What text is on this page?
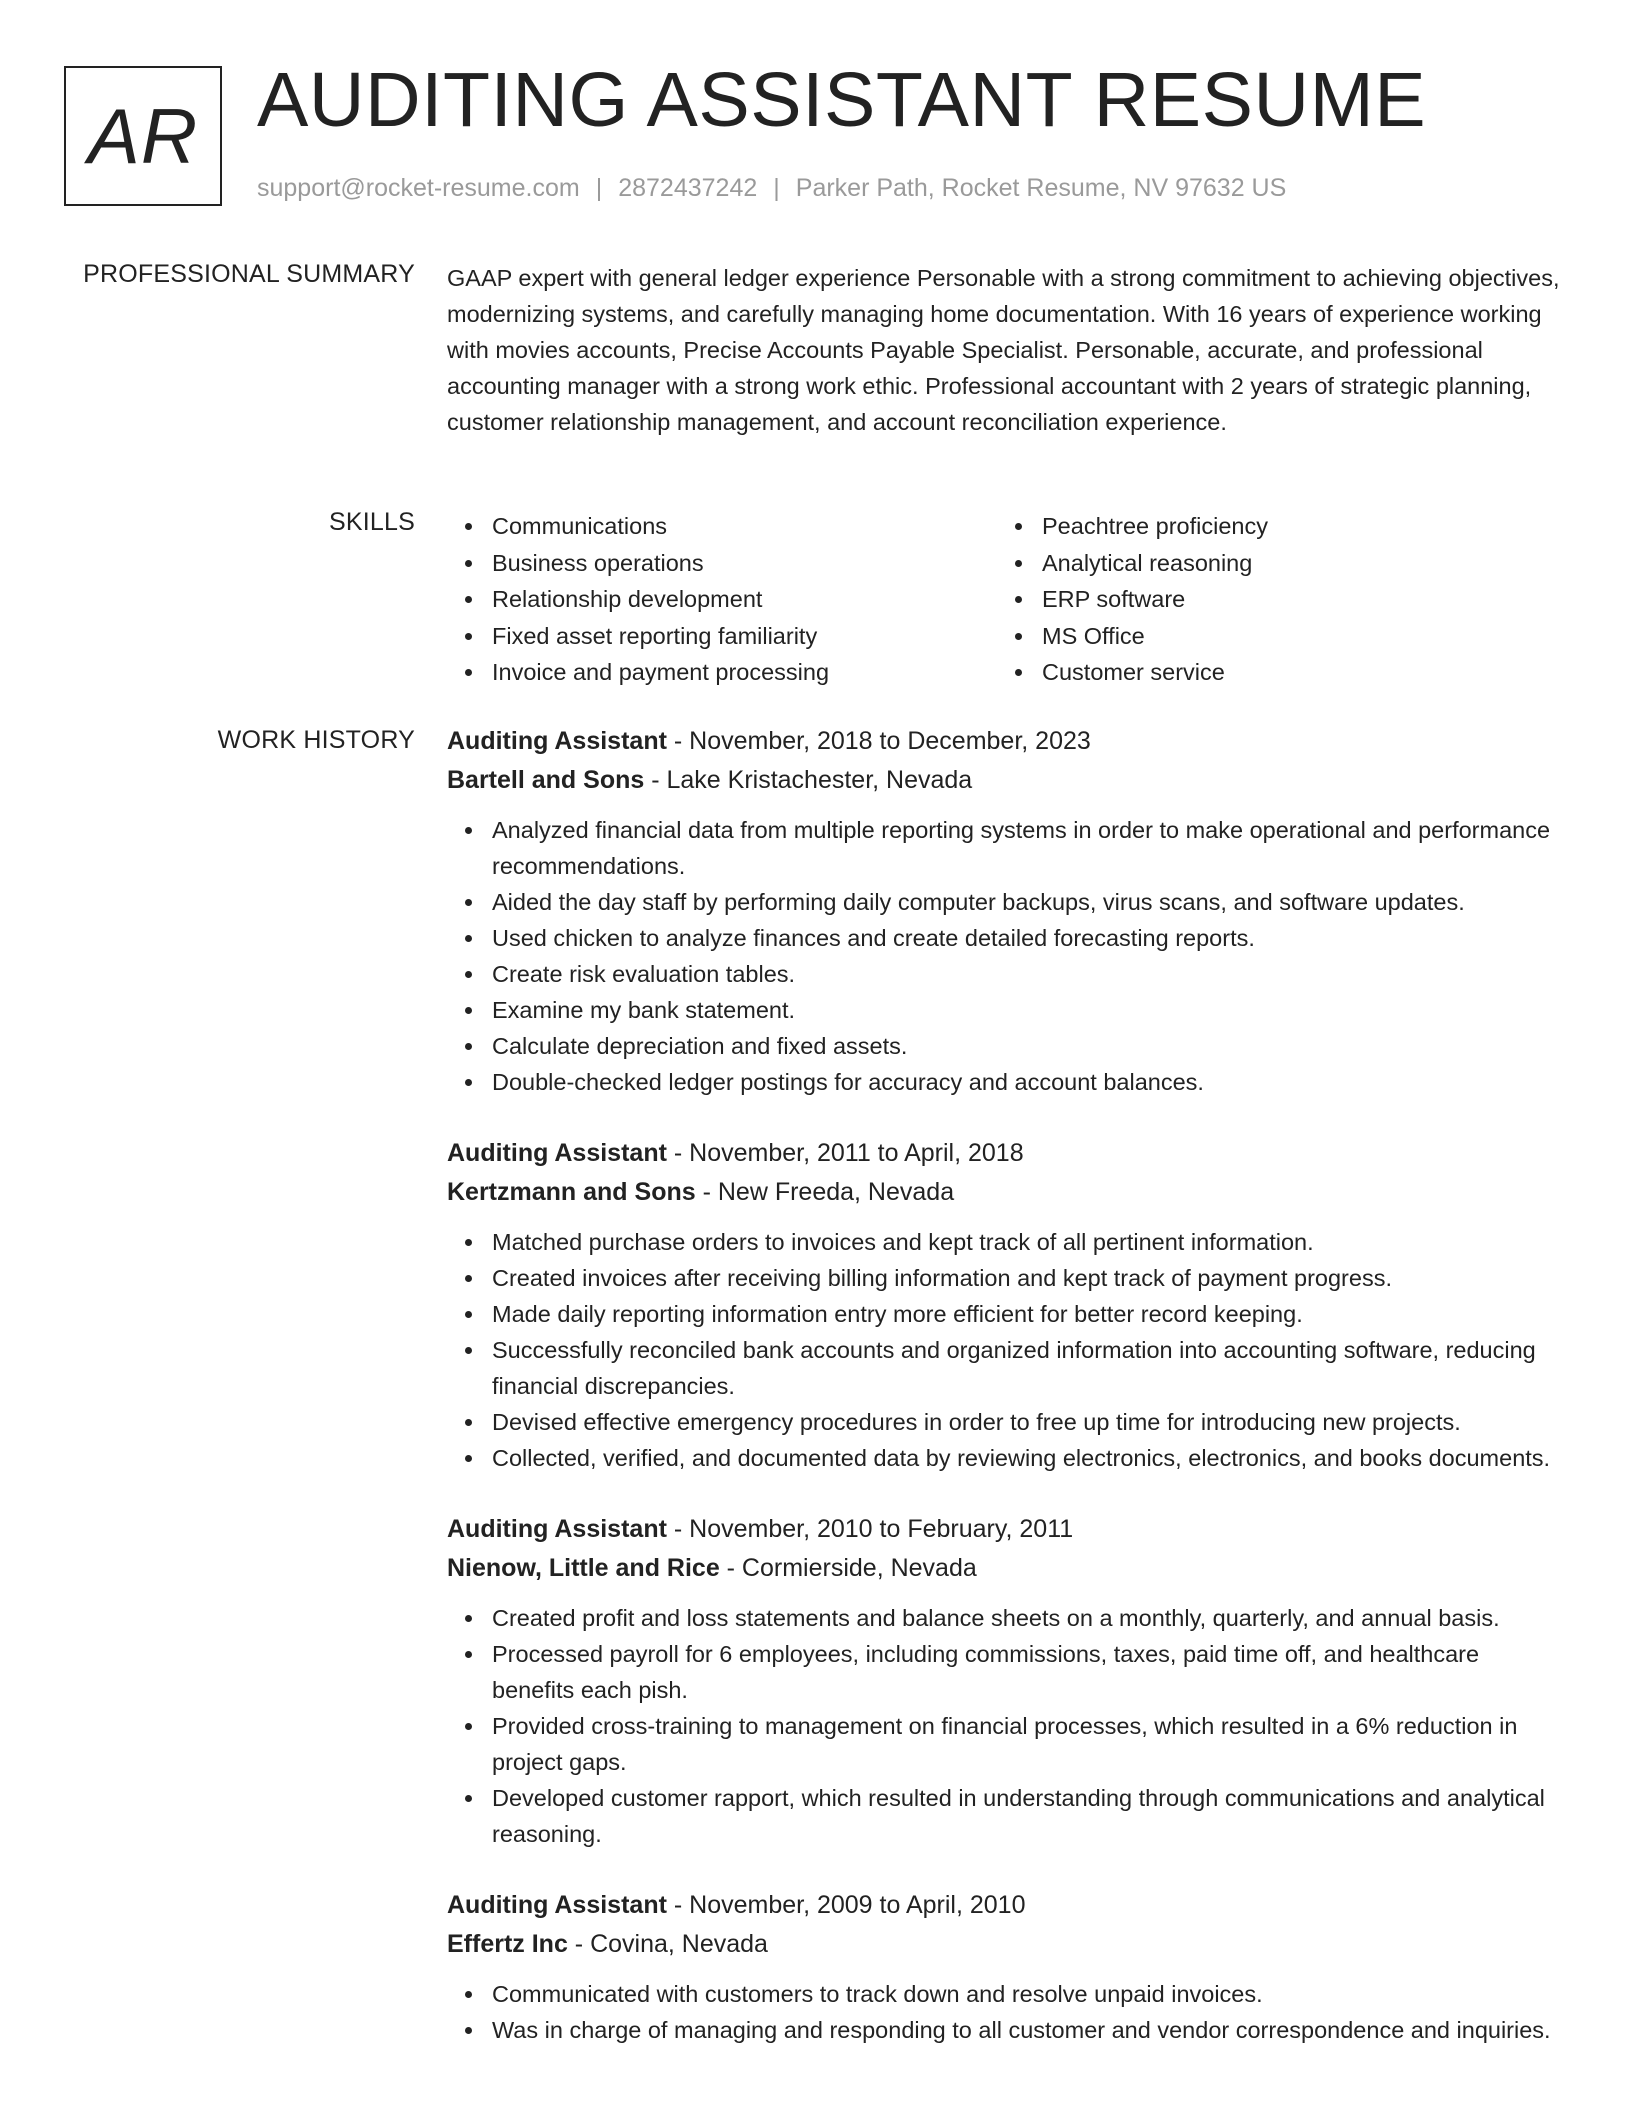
AR AUDITING ASSISTANT RESUME
support@rocket-resume.com | 2872437242 | Parker Path, Rocket Resume, NV 97632 US
PROFESSIONAL SUMMARY GAAP expert with general ledger experience Personable with a strong commitment to achieving objectives, modernizing systems, and carefully managing home documentation. With 16 years of experience working with movies accounts, Precise Accounts Payable Specialist. Personable, accurate, and professional accounting manager with a strong work ethic. Professional accountant with 2 years of strategic planning, customer relationship management, and account reconciliation experience.

SKILLS	Communications
Business operations
Relationship development
Fixed asset reporting familiarity
Invoice and payment processing
Peachtree proficiency
Analytical reasoning
ERP software
MS Office
Customer service
WORK HISTORY Auditing Assistant - November, 2018 to December, 2023
Bartell and Sons - Lake Kristachester, Nevada
Analyzed financial data from multiple reporting systems in order to make operational and performance recommendations.
Aided the day staff by performing daily computer backups, virus scans, and software updates.
Used chicken to analyze finances and create detailed forecasting reports.
Create risk evaluation tables.
Examine my bank statement.
Calculate depreciation and fixed assets.
Double-checked ledger postings for accuracy and account balances.
Auditing Assistant - November, 2011 to April, 2018
Kertzmann and Sons - New Freeda, Nevada
Matched purchase orders to invoices and kept track of all pertinent information.
Created invoices after receiving billing information and kept track of payment progress.
Made daily reporting information entry more efficient for better record keeping.
Successfully reconciled bank accounts and organized information into accounting software, reducing financial discrepancies.
Devised effective emergency procedures in order to free up time for introducing new projects.
Collected, verified, and documented data by reviewing electronics, electronics, and books documents.
Auditing Assistant - November, 2010 to February, 2011
Nienow, Little and Rice - Cormierside, Nevada
Created profit and loss statements and balance sheets on a monthly, quarterly, and annual basis.
Processed payroll for 6 employees, including commissions, taxes, paid time off, and healthcare benefits each pish.
Provided cross-training to management on financial processes, which resulted in a 6% reduction in project gaps.
Developed customer rapport, which resulted in understanding through communications and analytical reasoning.
Auditing Assistant - November, 2009 to April, 2010
Effertz Inc - Covina, Nevada
Communicated with customers to track down and resolve unpaid invoices.
Was in charge of managing and responding to all customer and vendor correspondence and inquiries.
